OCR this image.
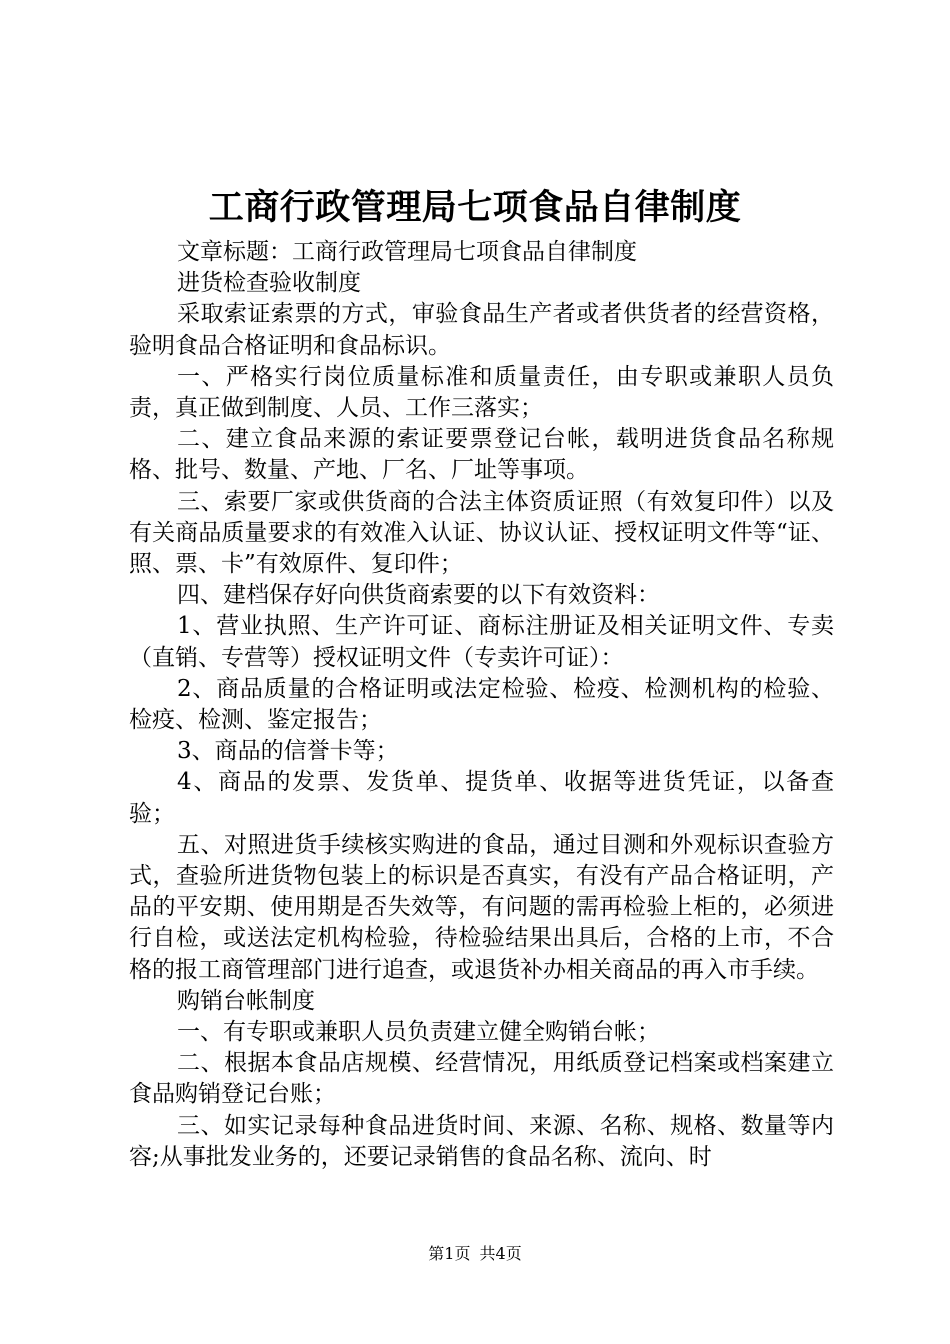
工商行政管理局七项食品自律制度

文章标题：工商行政管理局七项食品自律制度

进货检查验收制度

采取索证索票的方式，审验食品生产者或者供货者的经营资格，验明食品合格证明和食品标识。

一、严格实行岗位质量标准和质量责任，由专职或兼职人员负责，真正做到制度、人员、工作三落实；

二、建立食品来源的索证要票登记台帐，载明进货食品名称规格、批号、数量、产地、厂名、厂址等事项。

三、索要厂家或供货商的合法主体资质证照（有效复印件）以及有关商品质量要求的有效准入认证、协议认证、授权证明文件等“证、照、票、卡”有效原件、复印件；

四、建档保存好向供货商索要的以下有效资料：

1、营业执照、生产许可证、商标注册证及相关证明文件、专卖（直销、专营等）授权证明文件（专卖许可证）：

2、商品质量的合格证明或法定检验、检疫、检测机构的检验、检疫、检测、鉴定报告；

3、商品的信誉卡等；

4、商品的发票、发货单、提货单、收据等进货凭证，以备查验；

五、对照进货手续核实购进的食品，通过目测和外观标识查验方式，查验所进货物包装上的标识是否真实，有没有产品合格证明，产品的平安期、使用期是否失效等，有问题的需再检验上柜的，必须进行自检，或送法定机构检验，待检验结果出具后，合格的上市，不合格的报工商管理部门进行追查，或退货补办相关商品的再入市手续。

购销台帐制度

一、有专职或兼职人员负责建立健全购销台帐；

二、根据本食品店规模、经营情况，用纸质登记档案或档案建立食品购销登记台账；

三、如实记录每种食品进货时间、来源、名称、规格、数量等内容;从事批发业务的，还要记录销售的食品名称、流向、时

第1页 共4页
